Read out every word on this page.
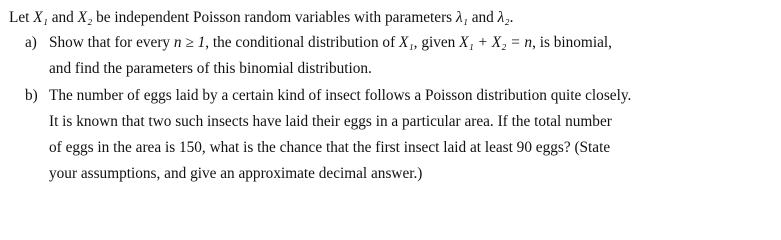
Let X₁ and X₂ be independent Poisson random variables with parameters λ₁ and λ₂.
a) Show that for every n ≥ 1, the conditional distribution of X₁, given X₁ + X₂ = n, is binomial,
and find the parameters of this binomial distribution.
b) The number of eggs laid by a certain kind of insect follows a Poisson distribution quite closely.
It is known that two such insects have laid their eggs in a particular area. If the total number
of eggs in the area is 150, what is the chance that the first insect laid at least 90 eggs? (State
your assumptions, and give an approximate decimal answer.)
